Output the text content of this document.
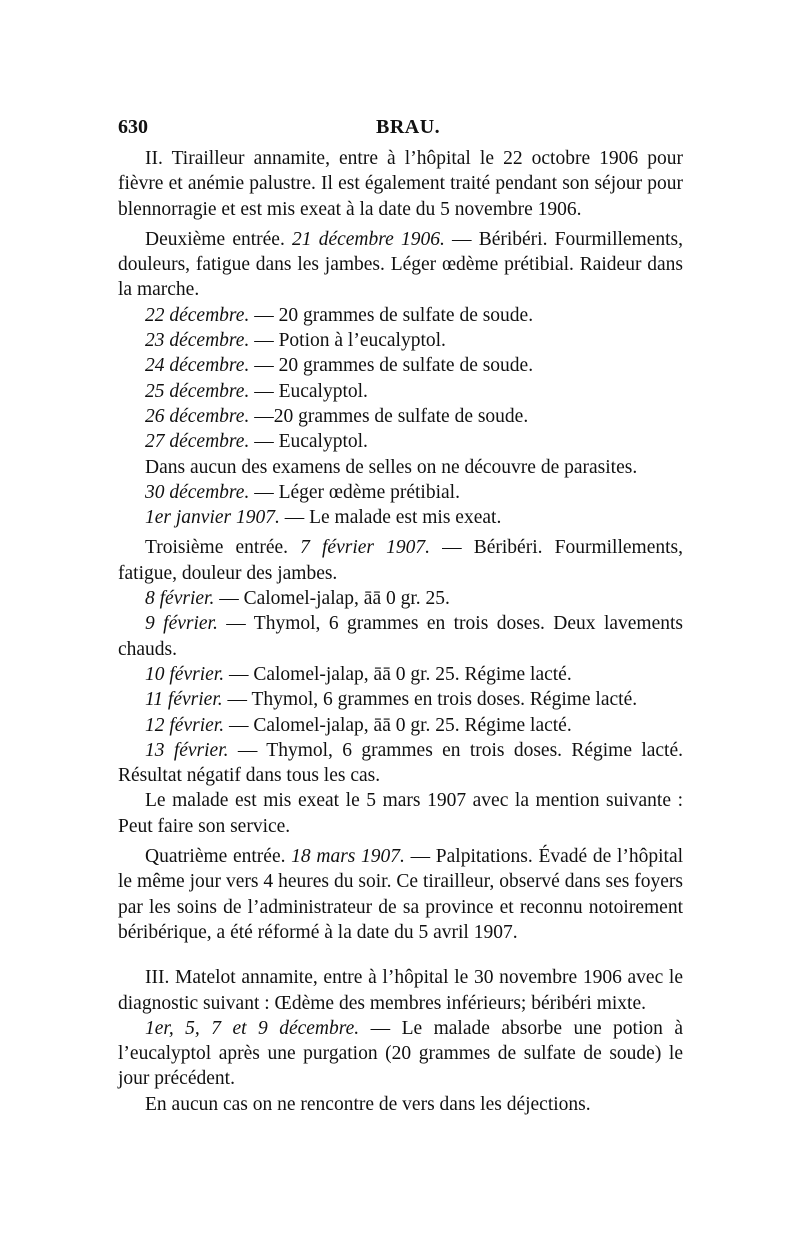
630	BRAU.

II. Tirailleur annamite, entre à l’hôpital le 22 octobre 1906 pour fièvre et anémie palustre. Il est également traité pendant son séjour pour blennorragie et est mis exeat à la date du 5 novembre 1906.

Deuxième entrée. 21 décembre 1906. — Béribéri. Fourmillements, douleurs, fatigue dans les jambes. Léger œdème prétibial. Raideur dans la marche.

22 décembre. — 20 grammes de sulfate de soude.

23 décembre. — Potion à l’eucalyptol.

24 décembre. — 20 grammes de sulfate de soude.

25 décembre. — Eucalyptol.

26 décembre. —20 grammes de sulfate de soude.

27 décembre. — Eucalyptol.

Dans aucun des examens de selles on ne découvre de parasites.

30 décembre. — Léger œdème prétibial.

1er janvier 1907. — Le malade est mis exeat.

Troisième entrée. 7 février 1907. — Béribéri. Fourmillements, fatigue, douleur des jambes.

8 février. — Calomel-jalap, āā 0 gr. 25.

9 février. — Thymol, 6 grammes en trois doses. Deux lavements chauds.

10 février. — Calomel-jalap, āā 0 gr. 25. Régime lacté.

11 février. — Thymol, 6 grammes en trois doses. Régime lacté.

12 février. — Calomel-jalap, āā 0 gr. 25. Régime lacté.

13 février. — Thymol, 6 grammes en trois doses. Régime lacté. Résultat négatif dans tous les cas.

Le malade est mis exeat le 5 mars 1907 avec la mention suivante : Peut faire son service.

Quatrième entrée. 18 mars 1907. — Palpitations. Évadé de l’hôpital le même jour vers 4 heures du soir. Ce tirailleur, observé dans ses foyers par les soins de l’administrateur de sa province et reconnu notoirement béribérique, a été réformé à la date du 5 avril 1907.

III. Matelot annamite, entre à l’hôpital le 30 novembre 1906 avec le diagnostic suivant : Œdème des membres inférieurs; béribéri mixte.

1er, 5, 7 et 9 décembre. — Le malade absorbe une potion à l’eucalyptol après une purgation (20 grammes de sulfate de soude) le jour précédent.

En aucun cas on ne rencontre de vers dans les déjections.
